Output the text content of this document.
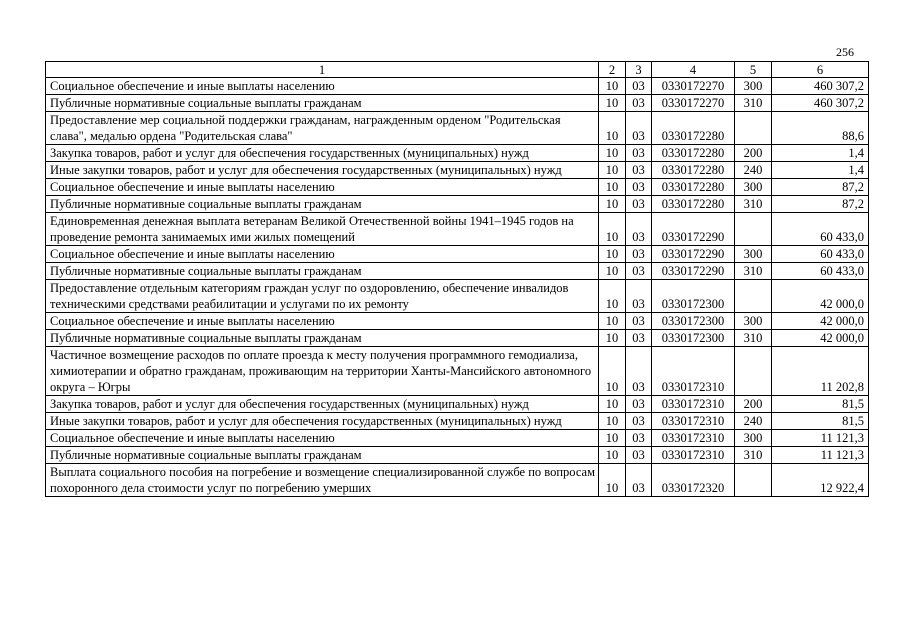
256
1	2	3	4	5	6
Социальное обеспечение и иные выплаты населению	10	03	0330172270	300	460 307,2
Публичные нормативные социальные выплаты гражданам	10	03	0330172270	310	460 307,2
Предоставление мер социальной поддержки гражданам, награжденным орденом "Родительская слава", медалью ордена "Родительская слава"	10	03	0330172280		88,6
Закупка товаров, работ и услуг для обеспечения государственных (муниципальных) нужд	10	03	0330172280	200	1,4
Иные закупки товаров, работ и услуг для обеспечения государственных (муниципальных) нужд	10	03	0330172280	240	1,4
Социальное обеспечение и иные выплаты населению	10	03	0330172280	300	87,2
Публичные нормативные социальные выплаты гражданам	10	03	0330172280	310	87,2
Единовременная денежная выплата ветеранам Великой Отечественной войны 1941–1945 годов на проведение ремонта занимаемых ими жилых помещений	10	03	0330172290		60 433,0
Социальное обеспечение и иные выплаты населению	10	03	0330172290	300	60 433,0
Публичные нормативные социальные выплаты гражданам	10	03	0330172290	310	60 433,0
Предоставление отдельным категориям граждан услуг по оздоровлению, обеспечение инвалидов техническими средствами реабилитации и услугами по их ремонту	10	03	0330172300		42 000,0
Социальное обеспечение и иные выплаты населению	10	03	0330172300	300	42 000,0
Публичные нормативные социальные выплаты гражданам	10	03	0330172300	310	42 000,0
Частичное возмещение расходов по оплате проезда к месту получения программного гемодиализа, химиотерапии и обратно гражданам, проживающим на территории Ханты-Мансийского автономного округа – Югры	10	03	0330172310		11 202,8
Закупка товаров, работ и услуг для обеспечения государственных (муниципальных) нужд	10	03	0330172310	200	81,5
Иные закупки товаров, работ и услуг для обеспечения государственных (муниципальных) нужд	10	03	0330172310	240	81,5
Социальное обеспечение и иные выплаты населению	10	03	0330172310	300	11 121,3
Публичные нормативные социальные выплаты гражданам	10	03	0330172310	310	11 121,3
Выплата социального пособия на погребение и возмещение специализированной службе по вопросам похоронного дела стоимости услуг по погребению умерших	10	03	0330172320		12 922,4
